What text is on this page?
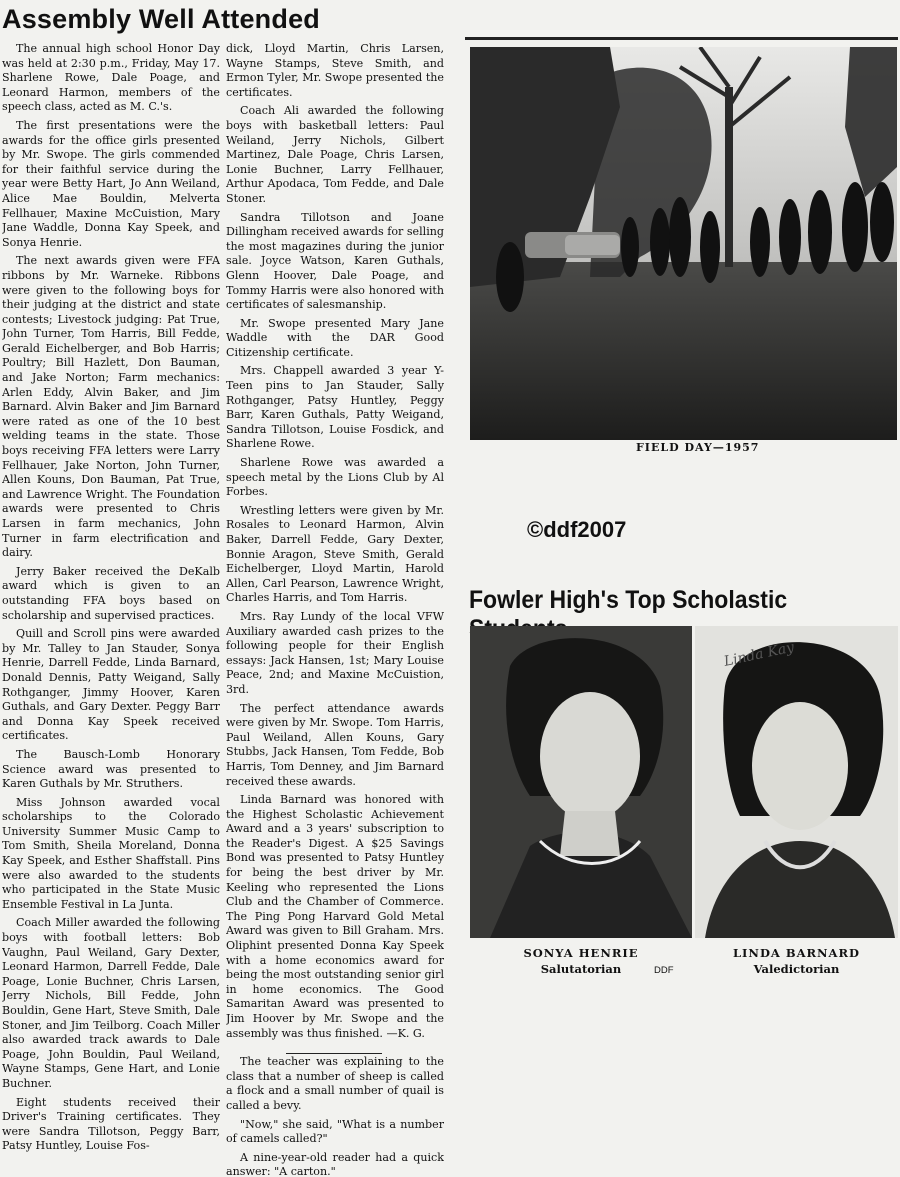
Assembly Well Attended

The annual high school Honor Day was held at 2:30 p.m., Friday, May 17. Sharlene Rowe, Dale Poage, and Leonard Harmon, members of the speech class, acted as M. C.'s.

The first presentations were the awards for the office girls presented by Mr. Swope. The girls commended for their faithful service during the year were Betty Hart, Jo Ann Weiland, Alice Mae Bouldin, Melverta Fellhauer, Maxine McCuistion, Mary Jane Waddle, Donna Kay Speek, and Sonya Henrie.

The next awards given were FFA ribbons by Mr. Warneke. Ribbons were given to the following boys for their judging at the district and state contests; Livestock judging: Pat True, John Turner, Tom Harris, Bill Fedde, Gerald Eichelberger, and Bob Harris; Poultry; Bill Hazlett, Don Bauman, and Jake Norton; Farm mechanics: Arlen Eddy, Alvin Baker, and Jim Barnard. Alvin Baker and Jim Barnard were rated as one of the 10 best welding teams in the state. Those boys receiving FFA letters were Larry Fellhauer, Jake Norton, John Turner, Allen Kouns, Don Bauman, Pat True, and Lawrence Wright. The Foundation awards were presented to Chris Larsen in farm mechanics, John Turner in farm electrification and dairy.

Jerry Baker received the DeKalb award which is given to an outstanding FFA boys based on scholarship and supervised practices.

Quill and Scroll pins were awarded by Mr. Talley to Jan Stauder, Sonya Henrie, Darrell Fedde, Linda Barnard, Donald Dennis, Patty Weigand, Sally Rothganger, Jimmy Hoover, Karen Guthals, and Gary Dexter. Peggy Barr and Donna Kay Speek received certificates.

The Bausch-Lomb Honorary Science award was presented to Karen Guthals by Mr. Struthers.

Miss Johnson awarded vocal scholarships to the Colorado University Summer Music Camp to Tom Smith, Sheila Moreland, Donna Kay Speek, and Esther Shaffstall. Pins were also awarded to the students who participated in the State Music Ensemble Festival in La Junta.

Coach Miller awarded the following boys with football letters: Bob Vaughn, Paul Weiland, Gary Dexter, Leonard Harmon, Darrell Fedde, Dale Poage, Lonie Buchner, Chris Larsen, Jerry Nichols, Bill Fedde, John Bouldin, Gene Hart, Steve Smith, Dale Stoner, and Jim Teilborg. Coach Miller also awarded track awards to Dale Poage, John Bouldin, Paul Weiland, Wayne Stamps, Gene Hart, and Lonie Buchner.

Eight students received their Driver's Training certificates. They were Sandra Tillotson, Peggy Barr, Patsy Huntley, Louise Fos-

dick, Lloyd Martin, Chris Larsen, Wayne Stamps, Steve Smith, and Ermon Tyler, Mr. Swope presented the certificates.

Coach Ali awarded the following boys with basketball letters: Paul Weiland, Jerry Nichols, Gilbert Martinez, Dale Poage, Chris Larsen, Lonie Buchner, Larry Fellhauer, Arthur Apodaca, Tom Fedde, and Dale Stoner.

Sandra Tillotson and Joane Dillingham received awards for selling the most magazines during the junior sale. Joyce Watson, Karen Guthals, Glenn Hoover, Dale Poage, and Tommy Harris were also honored with certificates of salesmanship.

Mr. Swope presented Mary Jane Waddle with the DAR Good Citizenship certificate.

Mrs. Chappell awarded 3 year Y-Teen pins to Jan Stauder, Sally Rothganger, Patsy Huntley, Peggy Barr, Karen Guthals, Patty Weigand, Sandra Tillotson, Louise Fosdick, and Sharlene Rowe.

Sharlene Rowe was awarded a speech metal by the Lions Club by Al Forbes.

Wrestling letters were given by Mr. Rosales to Leonard Harmon, Alvin Baker, Darrell Fedde, Gary Dexter, Bonnie Aragon, Steve Smith, Gerald Eichelberger, Lloyd Martin, Harold Allen, Carl Pearson, Lawrence Wright, Charles Harris, and Tom Harris.

Mrs. Ray Lundy of the local VFW Auxiliary awarded cash prizes to the following people for their English essays: Jack Hansen, 1st; Mary Louise Peace, 2nd; and Maxine McCuistion, 3rd.

The perfect attendance awards were given by Mr. Swope. Tom Harris, Paul Weiland, Allen Kouns, Gary Stubbs, Jack Hansen, Tom Fedde, Bob Harris, Tom Denney, and Jim Barnard received these awards.

Linda Barnard was honored with the Highest Scholastic Achievement Award and a 3 years' subscription to the Reader's Digest. A $25 Savings Bond was presented to Patsy Huntley for being the best driver by Mr. Keeling who represented the Lions Club and the Chamber of Commerce. The Ping Pong Harvard Gold Metal Award was given to Bill Graham. Mrs. Oliphint presented Donna Kay Speek with a home economics award for being the most outstanding senior girl in home economics. The Good Samaritan Award was presented to Jim Hoover by Mr. Swope and the assembly was thus finished. —K. G.

The teacher was explaining to the class that a number of sheep is called a flock and a small number of quail is called a bevy.

"Now," she said, "What is a number of camels called?"

A nine-year-old reader had a quick answer: "A carton."

FIELD DAY—1957
©ddf2007
Fowler High's Top Scholastic
Linda Kay
SONYA HENRIE
Salutatorian
LINDA BARNARD
Valedictorian
DDF
